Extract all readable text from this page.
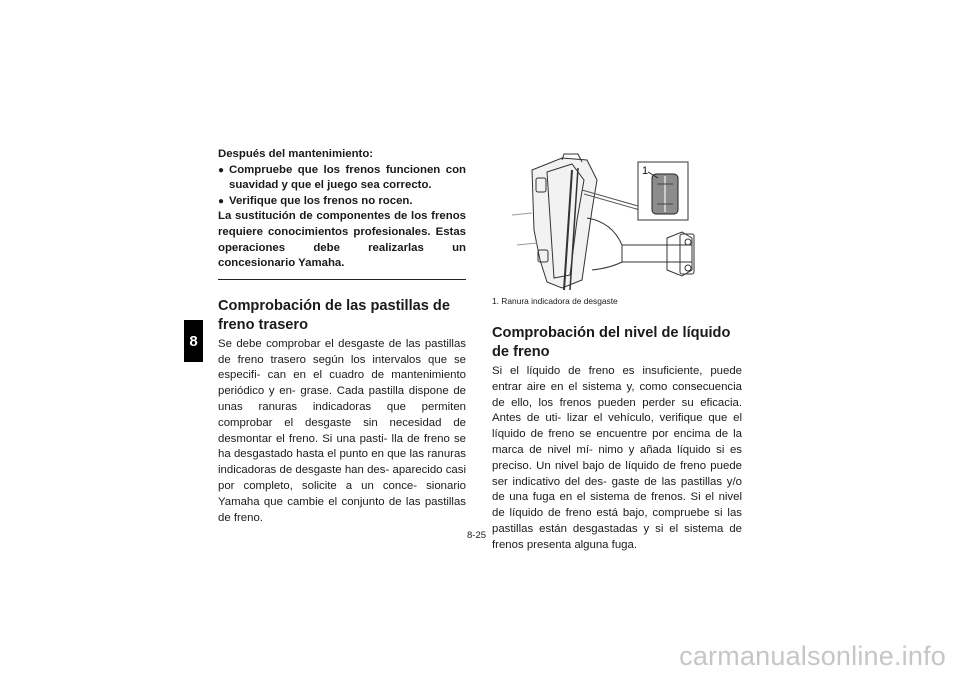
8

Después del mantenimiento:

● Compruebe que los frenos funcionen con suavidad y que el juego sea correcto.
● Verifique que los frenos no rocen.

La sustitución de componentes de los frenos requiere conocimientos profesionales. Estas operaciones debe realizarlas un concesionario Yamaha.

Comprobación de las pastillas de freno trasero

Se debe comprobar el desgaste de las pastillas de freno trasero según los intervalos que se especifi- can en el cuadro de mantenimiento periódico y en- grase. Cada pastilla dispone de unas ranuras indicadoras que permiten comprobar el desgaste sin necesidad de desmontar el freno. Si una pasti- lla de freno se ha desgastado hasta el punto en que las ranuras indicadoras de desgaste han des- aparecido casi por completo, solicite a un conce- sionario Yamaha que cambie el conjunto de las pastillas de freno.

1
1. Ranura indicadora de desgaste
Comprobación del nivel de líquido de freno

Si el líquido de freno es insuficiente, puede entrar aire en el sistema y, como consecuencia de ello, los frenos pueden perder su eficacia. Antes de uti- lizar el vehículo, verifique que el líquido de freno se encuentre por encima de la marca de nivel mí- nimo y añada líquido si es preciso. Un nivel bajo de líquido de freno puede ser indicativo del des- gaste de las pastillas y/o de una fuga en el sistema de frenos. Si el nivel de líquido de freno está bajo, compruebe si las pastillas están desgastadas y si el sistema de frenos presenta alguna fuga.

8-25
carmanualsonline.info
